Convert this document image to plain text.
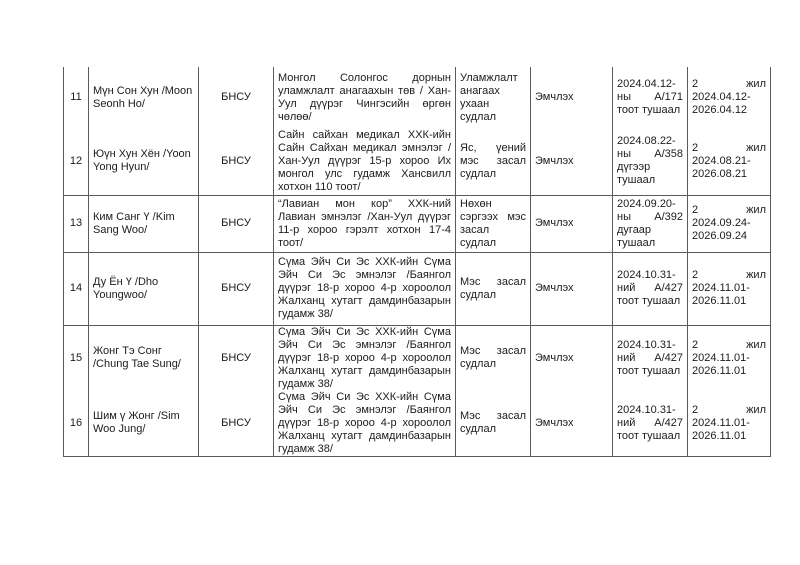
11	Мүн Сон Хун /Moon Seonh Ho/	БНСУ	Монгол Солонгос дорнын уламжлалт анагаахын төв / Хан-Уул дүүрэг Чингэсийн өргөн чөлөө/	Уламжлалт анагаах ухаан судлал	Эмчлэх	2024.04.12-ны А/171 тоот тушаал	2 жил 2024.04.12-2026.04.12
12	Юүн Хун Хён /Yoon Yong Hyun/	БНСУ	Сайн сайхан медикал ХХК-ийн Сайн Сайхан медикал эмнэлэг /Хан-Уул дүүрэг 15-р хороо Их монгол улс гудамж Хансвилл хотхон 110 тоот/	Яс, үений мэс засал судлал	Эмчлэх	2024.08.22-ны А/358 дүгээр тушаал	2 жил 2024.08.21-2026.08.21
13	Ким Санг Ү /Kim Sang Woo/	БНСУ	“Лавиан мон кор” ХХК-ний Лавиан эмнэлэг /Хан-Уул дүүрэг 11-р хороо гэрэлт хотхон 17-4 тоот/	Нөхөн сэргээх мэс засал судлал	Эмчлэх	2024.09.20-ны А/392 дугаар тушаал	2 жил 2024.09.24-2026.09.24
14	Ду Ён Ү /Dho Youngwoo/	БНСУ	Сүма Эйч Си Эс ХХК-ийн Сүма Эйч Си Эс эмнэлэг /Баянгол дүүрэг 18-р хороо 4-р хороолол Жалханц хутагт дамдинбазарын гудамж 38/	Мэс засал судлал	Эмчлэх	2024.10.31-ний А/427 тоот тушаал	2 жил 2024.11.01-2026.11.01
15	Жонг Тэ Сонг /Chung Tae Sung/	БНСУ	Сүма Эйч Си Эс ХХК-ийн Сүма Эйч Си Эс эмнэлэг /Баянгол дүүрэг 18-р хороо 4-р хороолол Жалханц хутагт дамдинбазарын гудамж 38/	Мэс засал судлал	Эмчлэх	2024.10.31-ний А/427 тоот тушаал	2 жил 2024.11.01-2026.11.01
16	Шим ү Жонг /Sim Woo Jung/	БНСУ	Сүма Эйч Си Эс ХХК-ийн Сүма Эйч Си Эс эмнэлэг /Баянгол дүүрэг 18-р хороо 4-р хороолол Жалханц хутагт дамдинбазарын гудамж 38/	Мэс засал судлал	Эмчлэх	2024.10.31-ний А/427 тоот тушаал	2 жил 2024.11.01-2026.11.01
